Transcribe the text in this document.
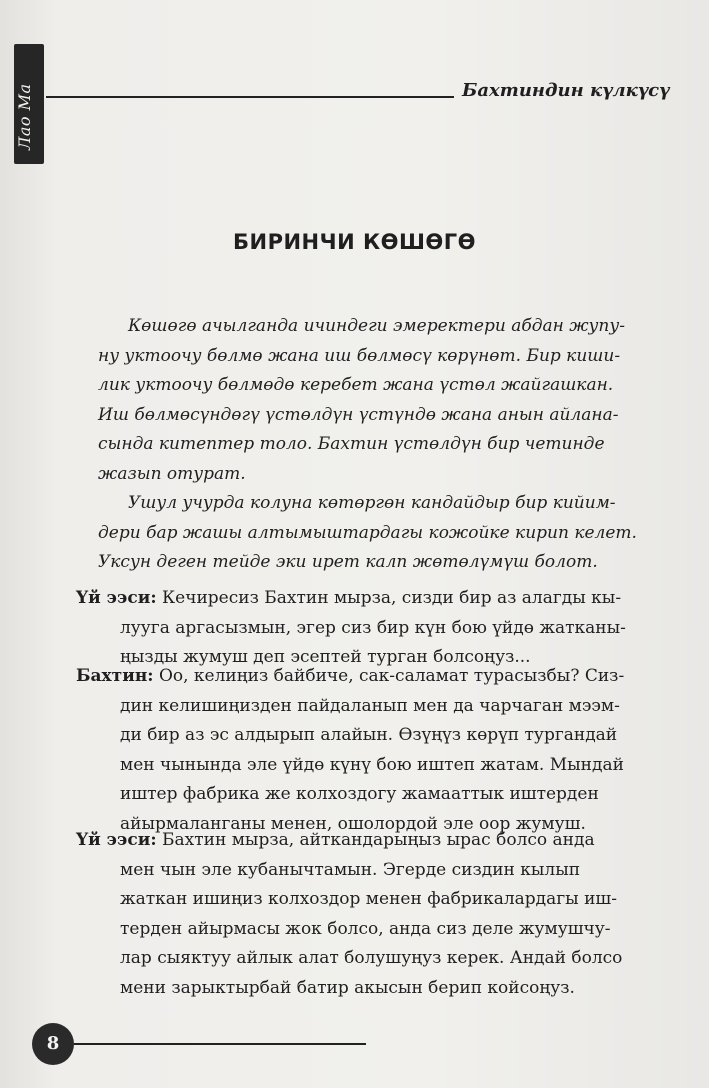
Лао Ма	Бахтиндин күлкүсү
БИРИНЧИ КӨШӨГӨ

Көшөгө ачылганда ичиндеги эмеректери абдан жупу-
ну уктоочу бөлмө жана иш бөлмөсү көрүнөт. Бир киши-
лик уктоочу бөлмөдө керебет жана үстөл жайгашкан.
Иш бөлмөсүндөгү үстөлдүн үстүндө жана анын айлана-
сында китептер толо. Бахтин үстөлдүн бир четинде
жазып отурат.

Ушул учурда колуна көтөргөн кандайдыр бир кийим-
дери бар жашы алтымыштардагы кожойке кирип келет.
Уксун деген тейде эки ирет калп жөтөлүмүш болот.

Үй ээси: Кечиресиз Бахтин мырза, сизди бир аз алагды кы-
лууга аргасызмын, эгер сиз бир күн бою үйдө жатканы-
ңызды жумуш деп эсептей турган болсоңуз...
Бахтин: Оо, келиңиз байбиче, сак-саламат турасызбы? Сиз-
дин келишиңизден пайдаланып мен да чарчаган мээм-
ди бир аз эс алдырып алайын. Өзүңүз көрүп тургандай
мен чынында эле үйдө күнү бою иштеп жатам. Мындай
иштер фабрика же колхоздогу жамааттык иштерден
айырмаланганы менен, ошолордой эле оор жумуш.
Үй ээси: Бахтин мырза, айткандарыңыз ырас болсо анда
мен чын эле кубанычтамын. Эгерде сиздин кылып
жаткан ишиңиз колхоздор менен фабрикалардагы иш-
терден айырмасы жок болсо, анда сиз деле жумушчу-
лар сыяктуу айлык алат болушуңуз керек. Андай болсо
мени зарыктырбай батир акысын берип койсоңуз.
8
